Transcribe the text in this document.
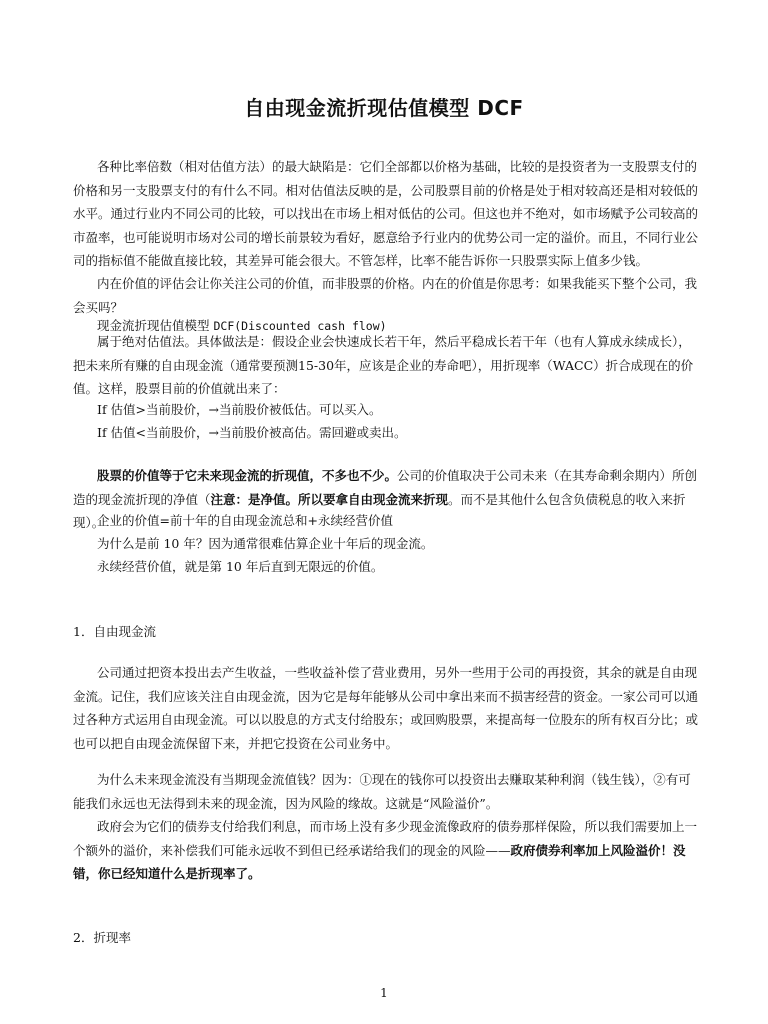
自由现金流折现估值模型 DCF

各种比率倍数（相对估值方法）的最大缺陷是：它们全部都以价格为基础，比较的是投资者为一支股票支付的价格和另一支股票支付的有什么不同。相对估值法反映的是，公司股票目前的价格是处于相对较高还是相对较低的水平。通过行业内不同公司的比较，可以找出在市场上相对低估的公司。但这也并不绝对，如市场赋予公司较高的市盈率，也可能说明市场对公司的增长前景较为看好，愿意给予行业内的优势公司一定的溢价。而且，不同行业公司的指标值不能做直接比较，其差异可能会很大。不管怎样，比率不能告诉你一只股票实际上值多少钱。

内在价值的评估会让你关注公司的价值，而非股票的价格。内在的价值是你思考：如果我能买下整个公司，我会买吗？

现金流折现估值模型 DCF(Discounted cash flow)

属于绝对估值法。具体做法是：假设企业会快速成长若干年，然后平稳成长若干年（也有人算成永续成长），把未来所有赚的自由现金流（通常要预测15-30年，应该是企业的寿命吧），用折现率（WACC）折合成现在的价值。这样，股票目前的价值就出来了：

If 估值>当前股价，→当前股价被低估。可以买入。

If 估值<当前股价，→当前股价被高估。需回避或卖出。

股票的价值等于它未来现金流的折现值，不多也不少。公司的价值取决于公司未来（在其寿命剩余期内）所创造的现金流折现的净值（注意：是净值。所以要拿自由现金流来折现。而不是其他什么包含负债税息的收入来折现）。

企业的价值=前十年的自由现金流总和+永续经营价值

为什么是前 10 年？因为通常很难估算企业十年后的现金流。

永续经营价值，就是第 10 年后直到无限远的价值。

1．自由现金流

公司通过把资本投出去产生收益，一些收益补偿了营业费用，另外一些用于公司的再投资，其余的就是自由现金流。记住，我们应该关注自由现金流，因为它是每年能够从公司中拿出来而不损害经营的资金。一家公司可以通过各种方式运用自由现金流。可以以股息的方式支付给股东；或回购股票，来提高每一位股东的所有权百分比；或也可以把自由现金流保留下来，并把它投资在公司业务中。

为什么未来现金流没有当期现金流值钱？因为：①现在的钱你可以投资出去赚取某种利润（钱生钱），②有可能我们永远也无法得到未来的现金流，因为风险的缘故。这就是“风险溢价”。

政府会为它们的债券支付给我们利息，而市场上没有多少现金流像政府的债券那样保险，所以我们需要加上一个额外的溢价，来补偿我们可能永远收不到但已经承诺给我们的现金的风险——政府债券利率加上风险溢价！没错，你已经知道什么是折现率了。

2．折现率

1
